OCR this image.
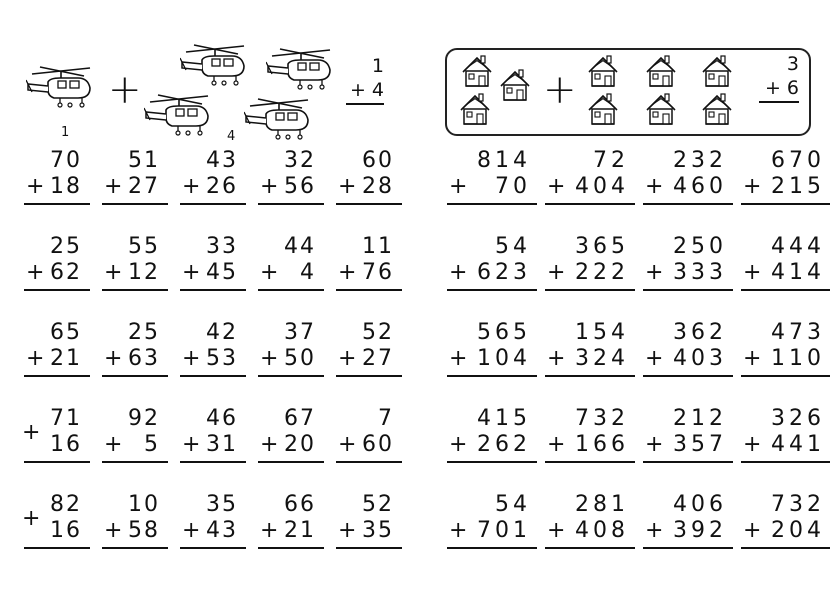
1
+
4
1
+ 4
70
+ 18
51
+ 27
43
+ 26
32
+ 56
60
+ 28
25
+ 62
55
+ 12
33
+ 45
44
+ 4
11
+ 76
65
+ 21
25
+ 63
42
+ 53
37
+ 50
52
+ 27
71
+ 16
92
+ 5
46
+ 31
67
+ 20
7
+ 60
82
+ 16
10
+ 58
35
+ 43
66
+ 21
52
+ 35
+
3
+ 6
814
+ 70
72
+ 404
232
+ 460
670
+ 215
54
+ 623
365
+ 222
250
+ 333
444
+ 414
565
+ 104
154
+ 324
362
+ 403
473
+ 110
415
+ 262
732
+ 166
212
+ 357
326
+ 441
54
+ 701
281
+ 408
406
+ 392
732
+ 204
